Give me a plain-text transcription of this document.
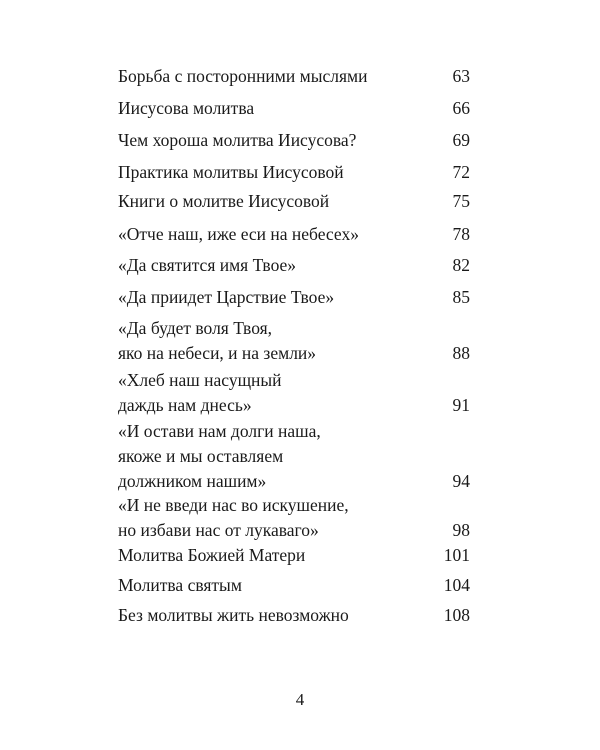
Борьба с посторонними мыслями	63
Иисусова молитва	66
Чем хороша молитва Иисусова?	69
Практика молитвы Иисусовой	72
Книги о молитве Иисусовой	75
«Отче наш, иже еси на небесех»	78
«Да святится имя Твое»	82
«Да приидет Царствие Твое»	85
«Да будет воля Твоя,
яко на небеси, и на земли»	88
«Хлеб наш насущный
даждь нам днесь»	91
«И остави нам долги наша,
якоже и мы оставляем
должником нашим»	94
«И не введи нас во искушение,
но избави нас от лукаваго»	98
Молитва Божией Матери	101
Молитва святым	104
Без молитвы жить невозможно	108
4
